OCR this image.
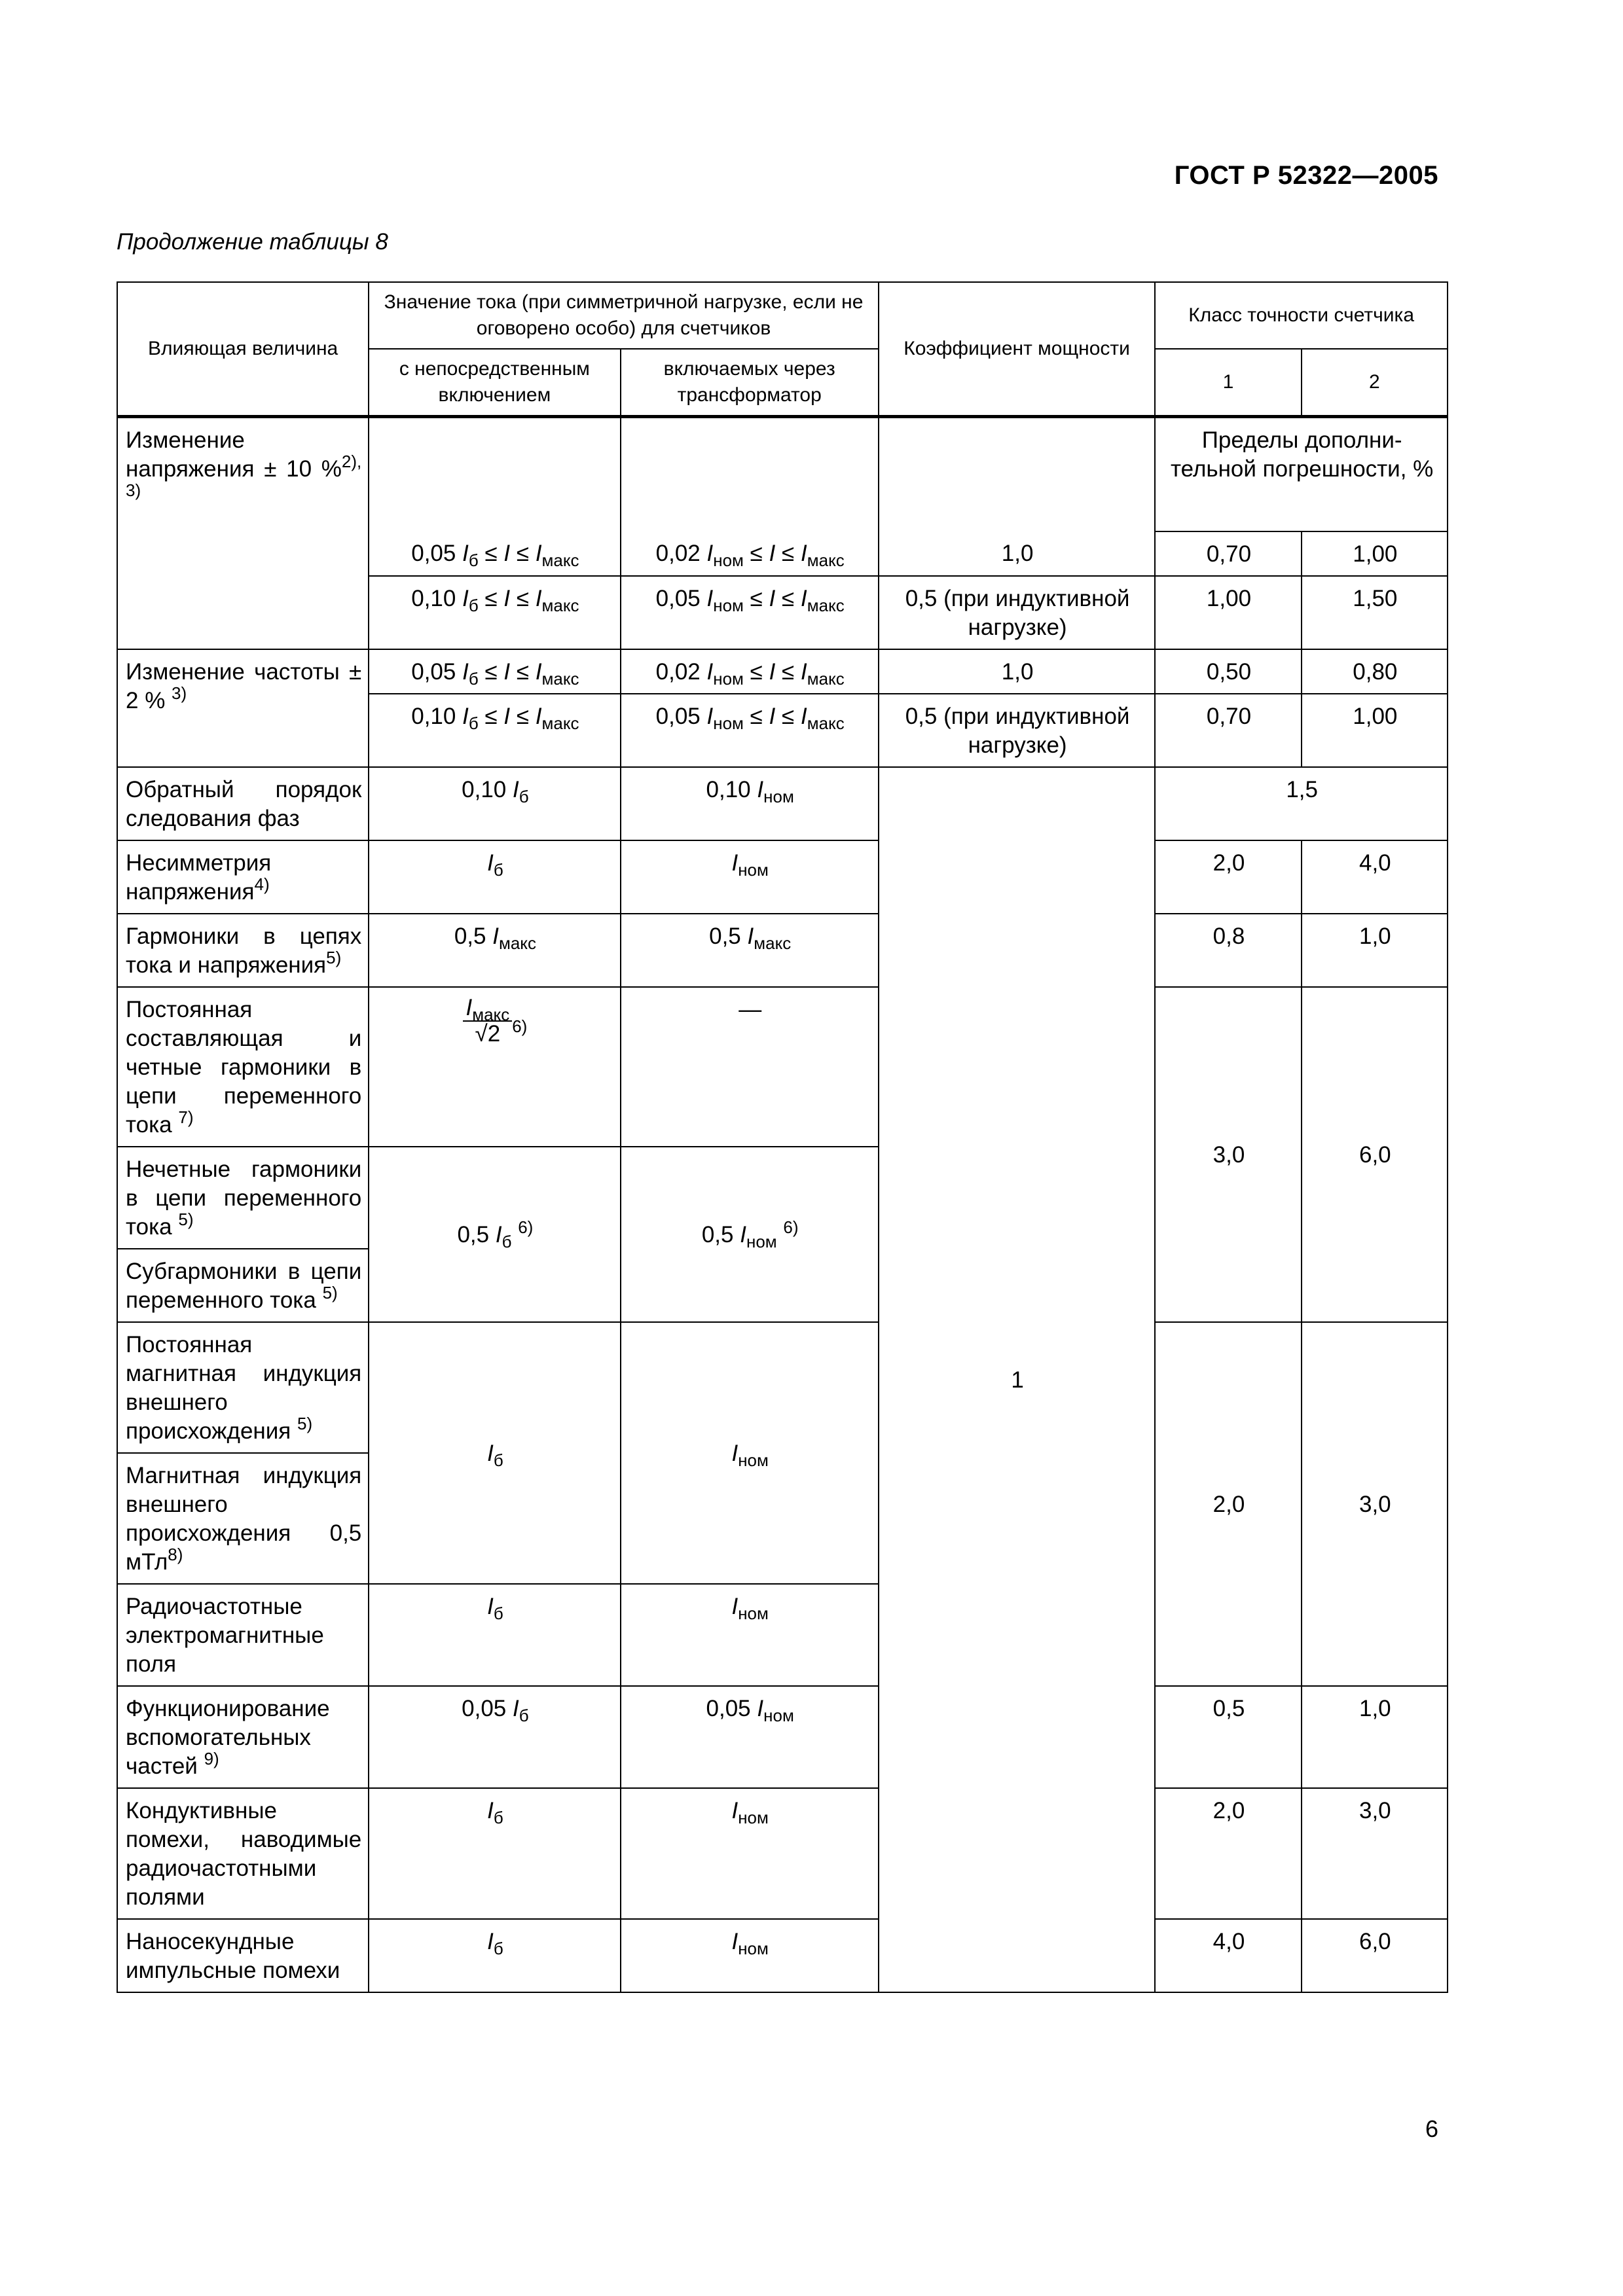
ГОСТ Р 52322—2005
Продолжение таблицы 8
Влияющая величина	Значение тока (при симметричной нагрузке, если не оговорено особо) для счетчиков		Коэффициент мощности	Класс точности счетчика	
	с непосредственным включением	включаемых через трансформатор		1	2
Изменение напряжения ± 10 %$^{2), 3)}$				Пределы дополни-тельной погрешности, %	
	0,05 $I_б \le I \le I_{макс}$	0,02 $I_{ном} \le I \le I_{макс}$	1,0	0,70	1,00
	0,10 $I_б \le I \le I_{макс}$	0,05 $I_{ном} \le I \le I_{макс}$	0,5 (при индуктивной нагрузке)	1,00	1,50
Изменение частоты ± 2 % $^{3)}$	0,05 $I_б \le I \le I_{макс}$	0,02 $I_{ном} \le I \le I_{макс}$	1,0	0,50	0,80
	0,10 $I_б \le I \le I_{макс}$	0,05 $I_{ном} \le I \le I_{макс}$	0,5 (при индуктивной нагрузке)	0,70	1,00
Обратный порядок следования фаз	0,10 $I_б$	0,10 $I_{ном}$	1	1,5	
Несимметрия напряжения$^{4)}$	$I_б$	$I_{ном}$		2,0	4,0
Гармоники в цепях тока и напряжения$^{5)}$	0,5 $I_{макс}$	0,5 $I_{макс}$		0,8	1,0
Постоянная составляющая и четные гармоники в цепи переменного тока $^{7)}$	$\frac{I_{макс}}{√2} ^{6)}$	—		3,0	6,0
Нечетные гармоники в цепи переменного тока $^{5)}$	0,5 $I_б$ $^{6)}$	0,5 $I_{ном}$ $^{6)}$
Субгармоники в цепи переменного тока $^{5)}$
Постоянная магнитная индукция внешнего происхождения $^{5)}$	$I_б$	$I_{ном}$		2,0	3,0
Магнитная индукция внешнего происхождения 0,5 мТл$^{8)}$
Радиочастотные электромагнитные поля	$I_б$	$I_{ном}$
Функционирование вспомогательных частей $^{9)}$	0,05 $I_б$	0,05 $I_{ном}$		0,5	1,0
Кондуктивные помехи, наводимые радиочастотными полями	$I_б$	$I_{ном}$		2,0	3,0
Наносекундные импульсные помехи	$I_б$	$I_{ном}$		4,0	6,0
6
